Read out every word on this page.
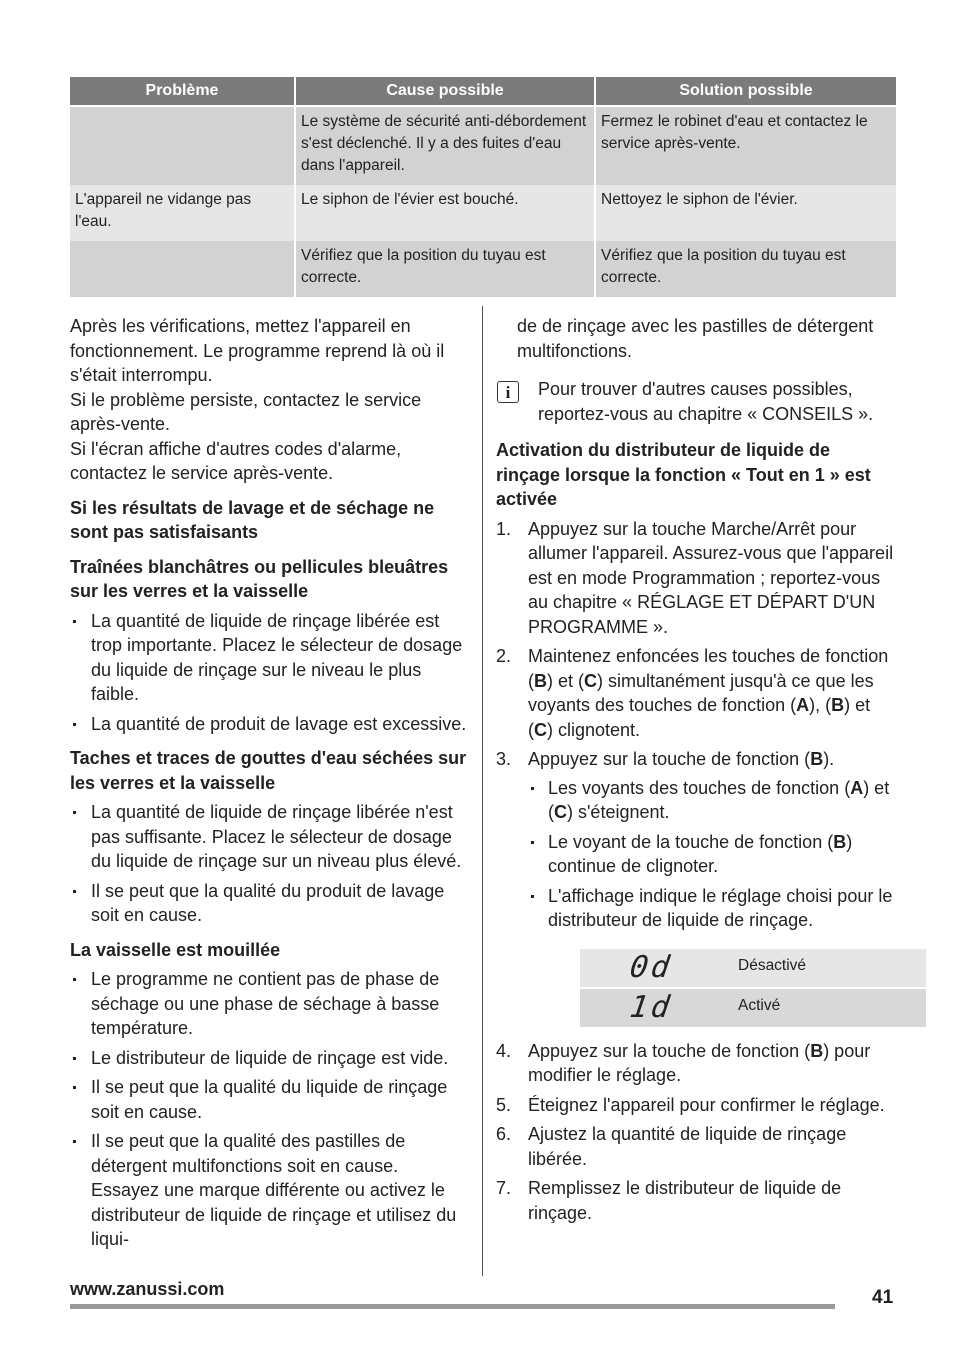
Problème	Cause possible	Solution possible
	Le système de sécurité anti-débordement s'est déclenché. Il y a des fuites d'eau dans l'appareil.	Fermez le robinet d'eau et contactez le service après-vente.
L'appareil ne vidange pas l'eau.	Le siphon de l'évier est bouché.	Nettoyez le siphon de l'évier.
	Vérifiez que la position du tuyau est correcte.	Vérifiez que la position du tuyau est correcte.

Après les vérifications, mettez l'appareil en fonctionnement. Le programme reprend là où il s'était interrompu.

Si le problème persiste, contactez le service après-vente.

Si l'écran affiche d'autres codes d'alarme, contactez le service après-vente.

Si les résultats de lavage et de séchage ne sont pas satisfaisants

Traînées blanchâtres ou pellicules bleuâtres sur les verres et la vaisselle

La quantité de liquide de rinçage libérée est trop importante. Placez le sélecteur de dosage du liquide de rinçage sur le niveau le plus faible.
La quantité de produit de lavage est excessive.

Taches et traces de gouttes d'eau séchées sur les verres et la vaisselle

La quantité de liquide de rinçage libérée n'est pas suffisante. Placez le sélecteur de dosage du liquide de rinçage sur un niveau plus élevé.
Il se peut que la qualité du produit de lavage soit en cause.

La vaisselle est mouillée

Le programme ne contient pas de phase de séchage ou une phase de séchage à basse température.
Le distributeur de liquide de rinçage est vide.
Il se peut que la qualité du liquide de rinçage soit en cause.
Il se peut que la qualité des pastilles de détergent multifonctions soit en cause. Essayez une marque différente ou activez le distributeur de liquide de rinçage et utilisez du liqui-

de de rinçage avec les pastilles de détergent multifonctions.

i	Pour trouver d'autres causes possibles, reportez-vous au chapitre « CONSEILS ».

Activation du distributeur de liquide de rinçage lorsque la fonction « Tout en 1 » est activée

1. Appuyez sur la touche Marche/Arrêt pour allumer l'appareil. Assurez-vous que l'appareil est en mode Programmation ; reportez-vous au chapitre « RÉGLAGE ET DÉPART D'UN PROGRAMME ».
2. Maintenez enfoncées les touches de fonction (B) et (C) simultanément jusqu'à ce que les voyants des touches de fonction (A), (B) et (C) clignotent.
3. Appuyez sur la touche de fonction (B).
Les voyants des touches de fonction (A) et (C) s'éteignent.
Le voyant de la touche de fonction (B) continue de clignoter.
L'affichage indique le réglage choisi pour le distributeur de liquide de rinçage.
0d	Désactivé
1d	Activé
4. Appuyez sur la touche de fonction (B) pour modifier le réglage.
5. Éteignez l'appareil pour confirmer le réglage.
6. Ajustez la quantité de liquide de rinçage libérée.
7. Remplissez le distributeur de liquide de rinçage.
www.zanussi.com	41
